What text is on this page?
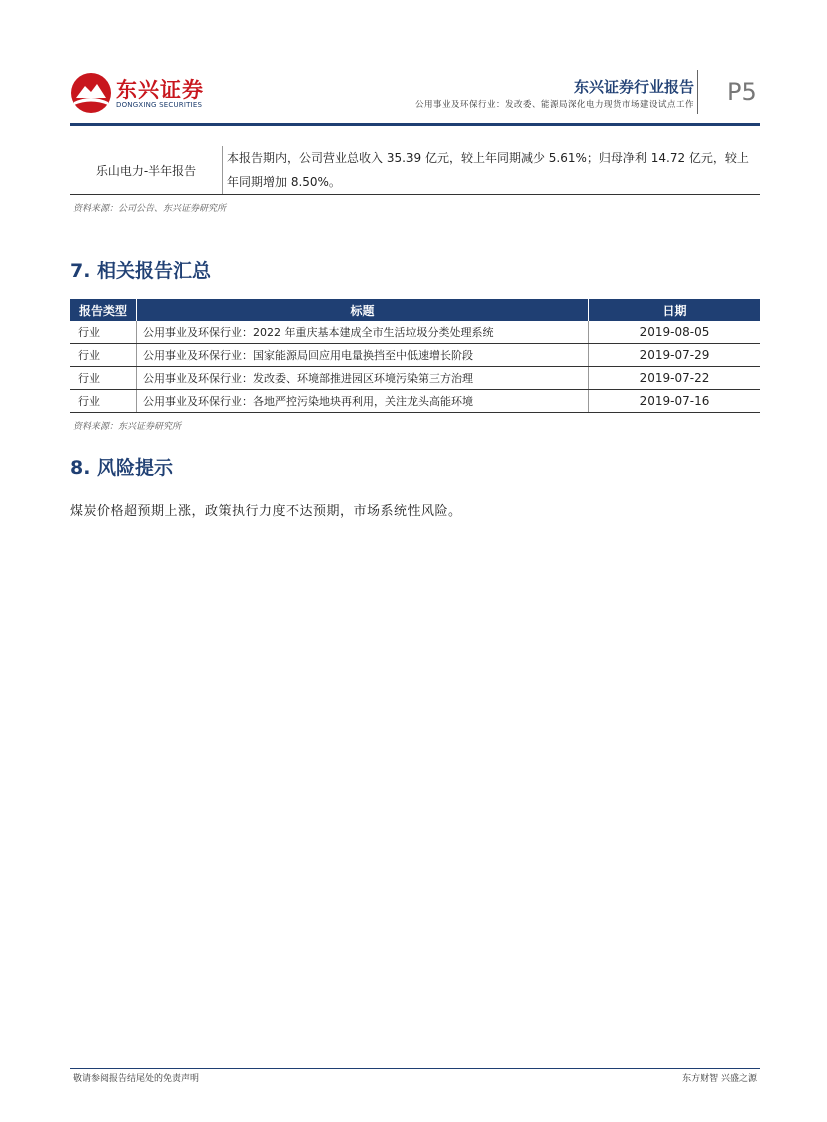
东兴证券
DONGXING SECURITIES
东兴证券行业报告
公用事业及环保行业：发改委、能源局深化电力现货市场建设试点工作 P5
乐山电力-半年报告	本报告期内，公司营业总收入 35.39 亿元，较上年同期减少 5.61%；归母净利 14.72 亿元，较上年同期增加 8.50%。
资料来源：公司公告、东兴证券研究所
7. 相关报告汇总
报告类型	标题	日期
行业	公用事业及环保行业：2022 年重庆基本建成全市生活垃圾分类处理系统	2019-08-05
行业	公用事业及环保行业：国家能源局回应用电量换挡至中低速增长阶段	2019-07-29
行业	公用事业及环保行业：发改委、环境部推进园区环境污染第三方治理	2019-07-22
行业	公用事业及环保行业：各地严控污染地块再利用，关注龙头高能环境	2019-07-16
资料来源：东兴证券研究所
8. 风险提示
煤炭价格超预期上涨，政策执行力度不达预期，市场系统性风险。
敬请参阅报告结尾处的免责声明	东方财智 兴盛之源
